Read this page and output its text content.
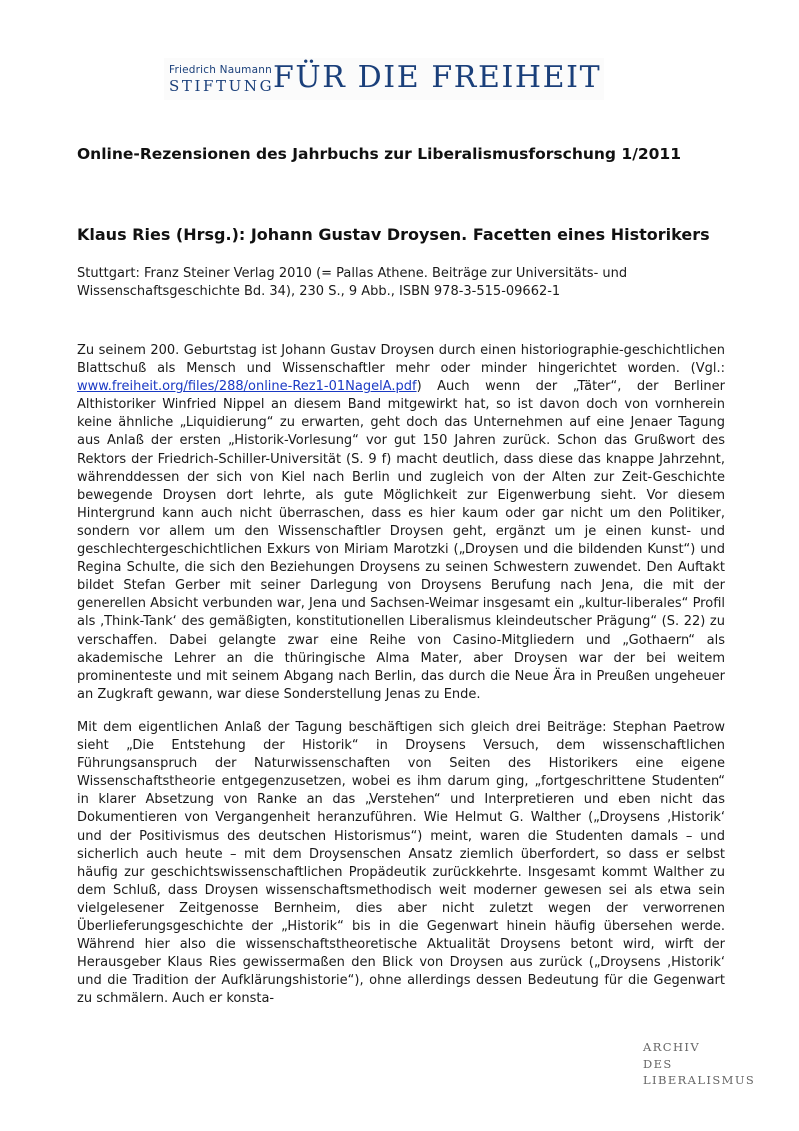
Friedrich Naumann
STIFTUNG
FÜR DIE FREIHEIT
Online-Rezensionen des Jahrbuchs zur Liberalismusforschung 1/2011
Klaus Ries (Hrsg.): Johann Gustav Droysen. Facetten eines Historikers
Stuttgart: Franz Steiner Verlag 2010 (= Pallas Athene. Beiträge zur Universitäts- und Wissenschaftsgeschichte Bd. 34), 230 S., 9 Abb., ISBN 978-3-515-09662-1
Zu seinem 200. Geburtstag ist Johann Gustav Droysen durch einen historiographie-geschichtlichen Blattschuß als Mensch und Wissenschaftler mehr oder minder hingerichtet worden. (Vgl.: www.freiheit.org/files/288/online-Rez1-01NagelA.pdf) Auch wenn der „Täter“, der Berliner Althistoriker Winfried Nippel an diesem Band mitgewirkt hat, so ist davon doch von vornherein keine ähnliche „Liquidierung“ zu erwarten, geht doch das Unternehmen auf eine Jenaer Tagung aus Anlaß der ersten „Historik-Vorlesung“ vor gut 150 Jahren zurück. Schon das Grußwort des Rektors der Friedrich-Schiller-Universität (S. 9 f) macht deutlich, dass diese das knappe Jahrzehnt, währenddessen der sich von Kiel nach Berlin und zugleich von der Alten zur Zeit-Geschichte bewegende Droysen dort lehrte, als gute Möglichkeit zur Eigenwerbung sieht. Vor diesem Hintergrund kann auch nicht überraschen, dass es hier kaum oder gar nicht um den Politiker, sondern vor allem um den Wissenschaftler Droysen geht, ergänzt um je einen kunst- und geschlechtergeschichtlichen Exkurs von Miriam Marotzki („Droysen und die bildenden Kunst“) und Regina Schulte, die sich den Beziehungen Droysens zu seinen Schwestern zuwendet. Den Auftakt bildet Stefan Gerber mit seiner Darlegung von Droysens Berufung nach Jena, die mit der generellen Absicht verbunden war, Jena und Sachsen-Weimar insgesamt ein „kultur-liberales“ Profil als ‚Think-Tank‘ des gemäßigten, konstitutionellen Liberalismus kleindeutscher Prägung“ (S. 22) zu verschaffen. Dabei gelangte zwar eine Reihe von Casino-Mitgliedern und „Gothaern“ als akademische Lehrer an die thüringische Alma Mater, aber Droysen war der bei weitem prominenteste und mit seinem Abgang nach Berlin, das durch die Neue Ära in Preußen ungeheuer an Zugkraft gewann, war diese Sonderstellung Jenas zu Ende.
Mit dem eigentlichen Anlaß der Tagung beschäftigen sich gleich drei Beiträge: Stephan Paetrow sieht „Die Entstehung der Historik“ in Droysens Versuch, dem wissenschaftlichen Führungsanspruch der Naturwissenschaften von Seiten des Historikers eine eigene Wissenschaftstheorie entgegenzusetzen, wobei es ihm darum ging, „fortgeschrittene Studenten“ in klarer Absetzung von Ranke an das „Verstehen“ und Interpretieren und eben nicht das Dokumentieren von Vergangenheit heranzuführen. Wie Helmut G. Walther („Droysens ‚Historik‘ und der Positivismus des deutschen Historismus“) meint, waren die Studenten damals – und sicherlich auch heute – mit dem Droysenschen Ansatz ziemlich überfordert, so dass er selbst häufig zur geschichtswissenschaftlichen Propädeutik zurückkehrte. Insgesamt kommt Walther zu dem Schluß, dass Droysen wissenschaftsmethodisch weit moderner gewesen sei als etwa sein vielgelesener Zeitgenosse Bernheim, dies aber nicht zuletzt wegen der verworrenen Überlieferungsgeschichte der „Historik“ bis in die Gegenwart hinein häufig übersehen werde. Während hier also die wissenschaftstheoretische Aktualität Droysens betont wird, wirft der Herausgeber Klaus Ries gewissermaßen den Blick von Droysen aus zurück („Droysens ‚Historik‘ und die Tradition der Aufklärungshistorie“), ohne allerdings dessen Bedeutung für die Gegenwart zu schmälern. Auch er konsta-
ARCHIV
DES
LIBERALISMUS
